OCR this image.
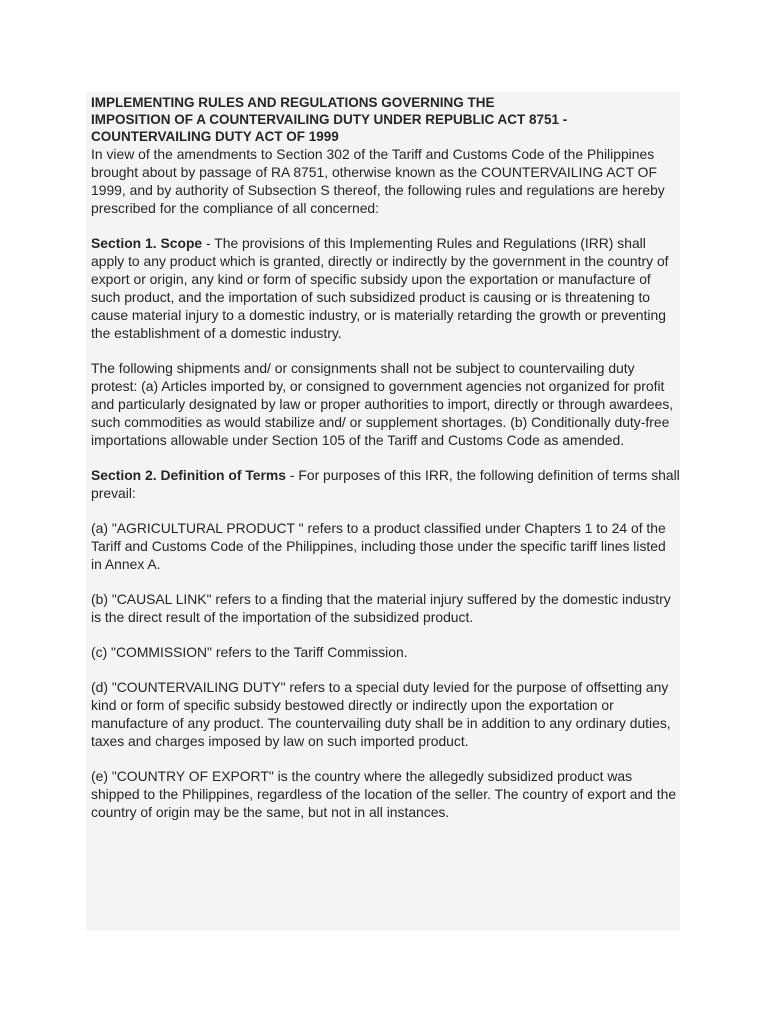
IMPLEMENTING RULES AND REGULATIONS GOVERNING THE
IMPOSITION OF A COUNTERVAILING DUTY UNDER REPUBLIC ACT 8751 -
COUNTERVAILING DUTY ACT OF 1999

In view of the amendments to Section 302 of the Tariff and Customs Code of the Philippines brought about by passage of RA 8751, otherwise known as the COUNTERVAILING ACT OF 1999, and by authority of Subsection S thereof, the following rules and regulations are hereby prescribed for the compliance of all concerned:

Section 1. Scope - The provisions of this Implementing Rules and Regulations (IRR) shall apply to any product which is granted, directly or indirectly by the government in the country of export or origin, any kind or form of specific subsidy upon the exportation or manufacture of such product, and the importation of such subsidized product is causing or is threatening to cause material injury to a domestic industry, or is materially retarding the growth or preventing the establishment of a domestic industry.

The following shipments and/ or consignments shall not be subject to countervailing duty protest: (a) Articles imported by, or consigned to government agencies not organized for profit and particularly designated by law or proper authorities to import, directly or through awardees, such commodities as would stabilize and/ or supplement shortages. (b) Conditionally duty-free importations allowable under Section 105 of the Tariff and Customs Code as amended.

Section 2. Definition of Terms - For purposes of this IRR, the following definition of terms shall prevail:

(a) "AGRICULTURAL PRODUCT " refers to a product classified under Chapters 1 to 24 of the Tariff and Customs Code of the Philippines, including those under the specific tariff lines listed in Annex A.

(b) "CAUSAL LINK" refers to a finding that the material injury suffered by the domestic industry is the direct result of the importation of the subsidized product.

(c) "COMMISSION" refers to the Tariff Commission.

(d) "COUNTERVAILING DUTY" refers to a special duty levied for the purpose of offsetting any kind or form of specific subsidy bestowed directly or indirectly upon the exportation or manufacture of any product. The countervailing duty shall be in addition to any ordinary duties, taxes and charges imposed by law on such imported product.

(e) "COUNTRY OF EXPORT" is the country where the allegedly subsidized product was shipped to the Philippines, regardless of the location of the seller. The country of export and the country of origin may be the same, but not in all instances.
